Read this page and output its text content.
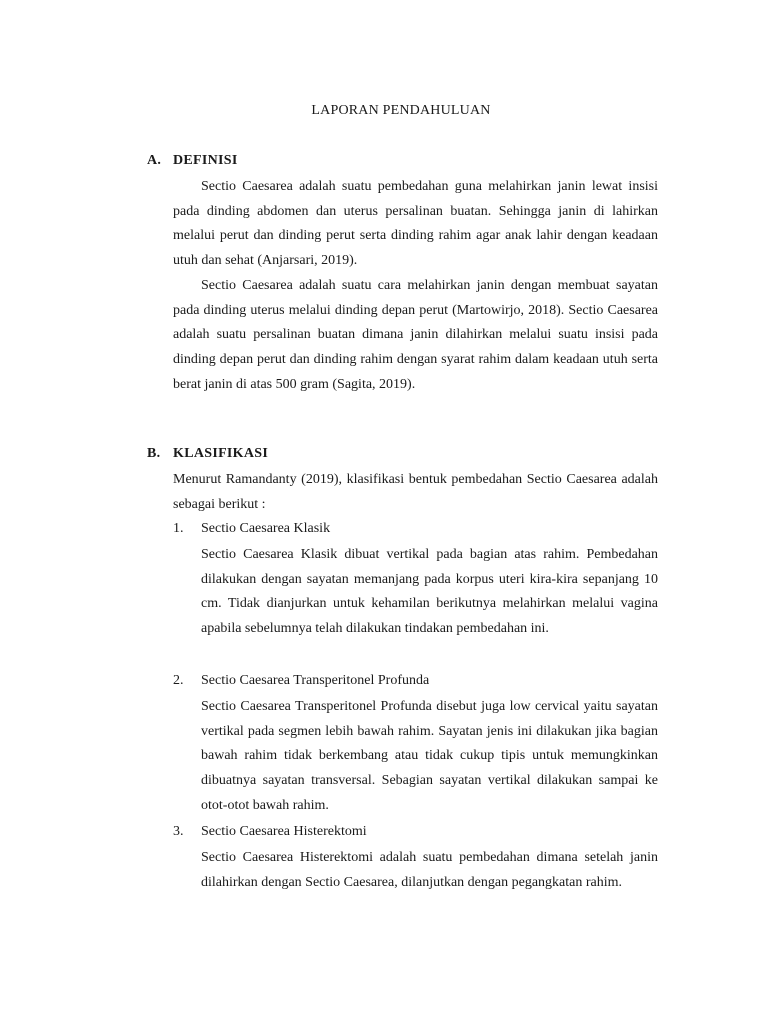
LAPORAN PENDAHULUAN
A. DEFINISI

Sectio Caesarea adalah suatu pembedahan guna melahirkan janin lewat insisi pada dinding abdomen dan uterus persalinan buatan. Sehingga janin di lahirkan melalui perut dan dinding perut serta dinding rahim agar anak lahir dengan keadaan utuh dan sehat (Anjarsari, 2019).

Sectio Caesarea adalah suatu cara melahirkan janin dengan membuat sayatan pada dinding uterus melalui dinding depan perut (Martowirjo, 2018). Sectio Caesarea adalah suatu persalinan buatan dimana janin dilahirkan melalui suatu insisi pada dinding depan perut dan dinding rahim dengan syarat rahim dalam keadaan utuh serta berat janin di atas 500 gram (Sagita, 2019).

B. KLASIFIKASI

Menurut Ramandanty (2019), klasifikasi bentuk pembedahan Sectio Caesarea adalah sebagai berikut :

1. Sectio Caesarea Klasik

Sectio Caesarea Klasik dibuat vertikal pada bagian atas rahim. Pembedahan dilakukan dengan sayatan memanjang pada korpus uteri kira-kira sepanjang 10 cm. Tidak dianjurkan untuk kehamilan berikutnya melahirkan melalui vagina apabila sebelumnya telah dilakukan tindakan pembedahan ini.

2. Sectio Caesarea Transperitonel Profunda

Sectio Caesarea Transperitonel Profunda disebut juga low cervical yaitu sayatan vertikal pada segmen lebih bawah rahim. Sayatan jenis ini dilakukan jika bagian bawah rahim tidak berkembang atau tidak cukup tipis untuk memungkinkan dibuatnya sayatan transversal. Sebagian sayatan vertikal dilakukan sampai ke otot-otot bawah rahim.

3. Sectio Caesarea Histerektomi

Sectio Caesarea Histerektomi adalah suatu pembedahan dimana setelah janin dilahirkan dengan Sectio Caesarea, dilanjutkan dengan pegangkatan rahim.
